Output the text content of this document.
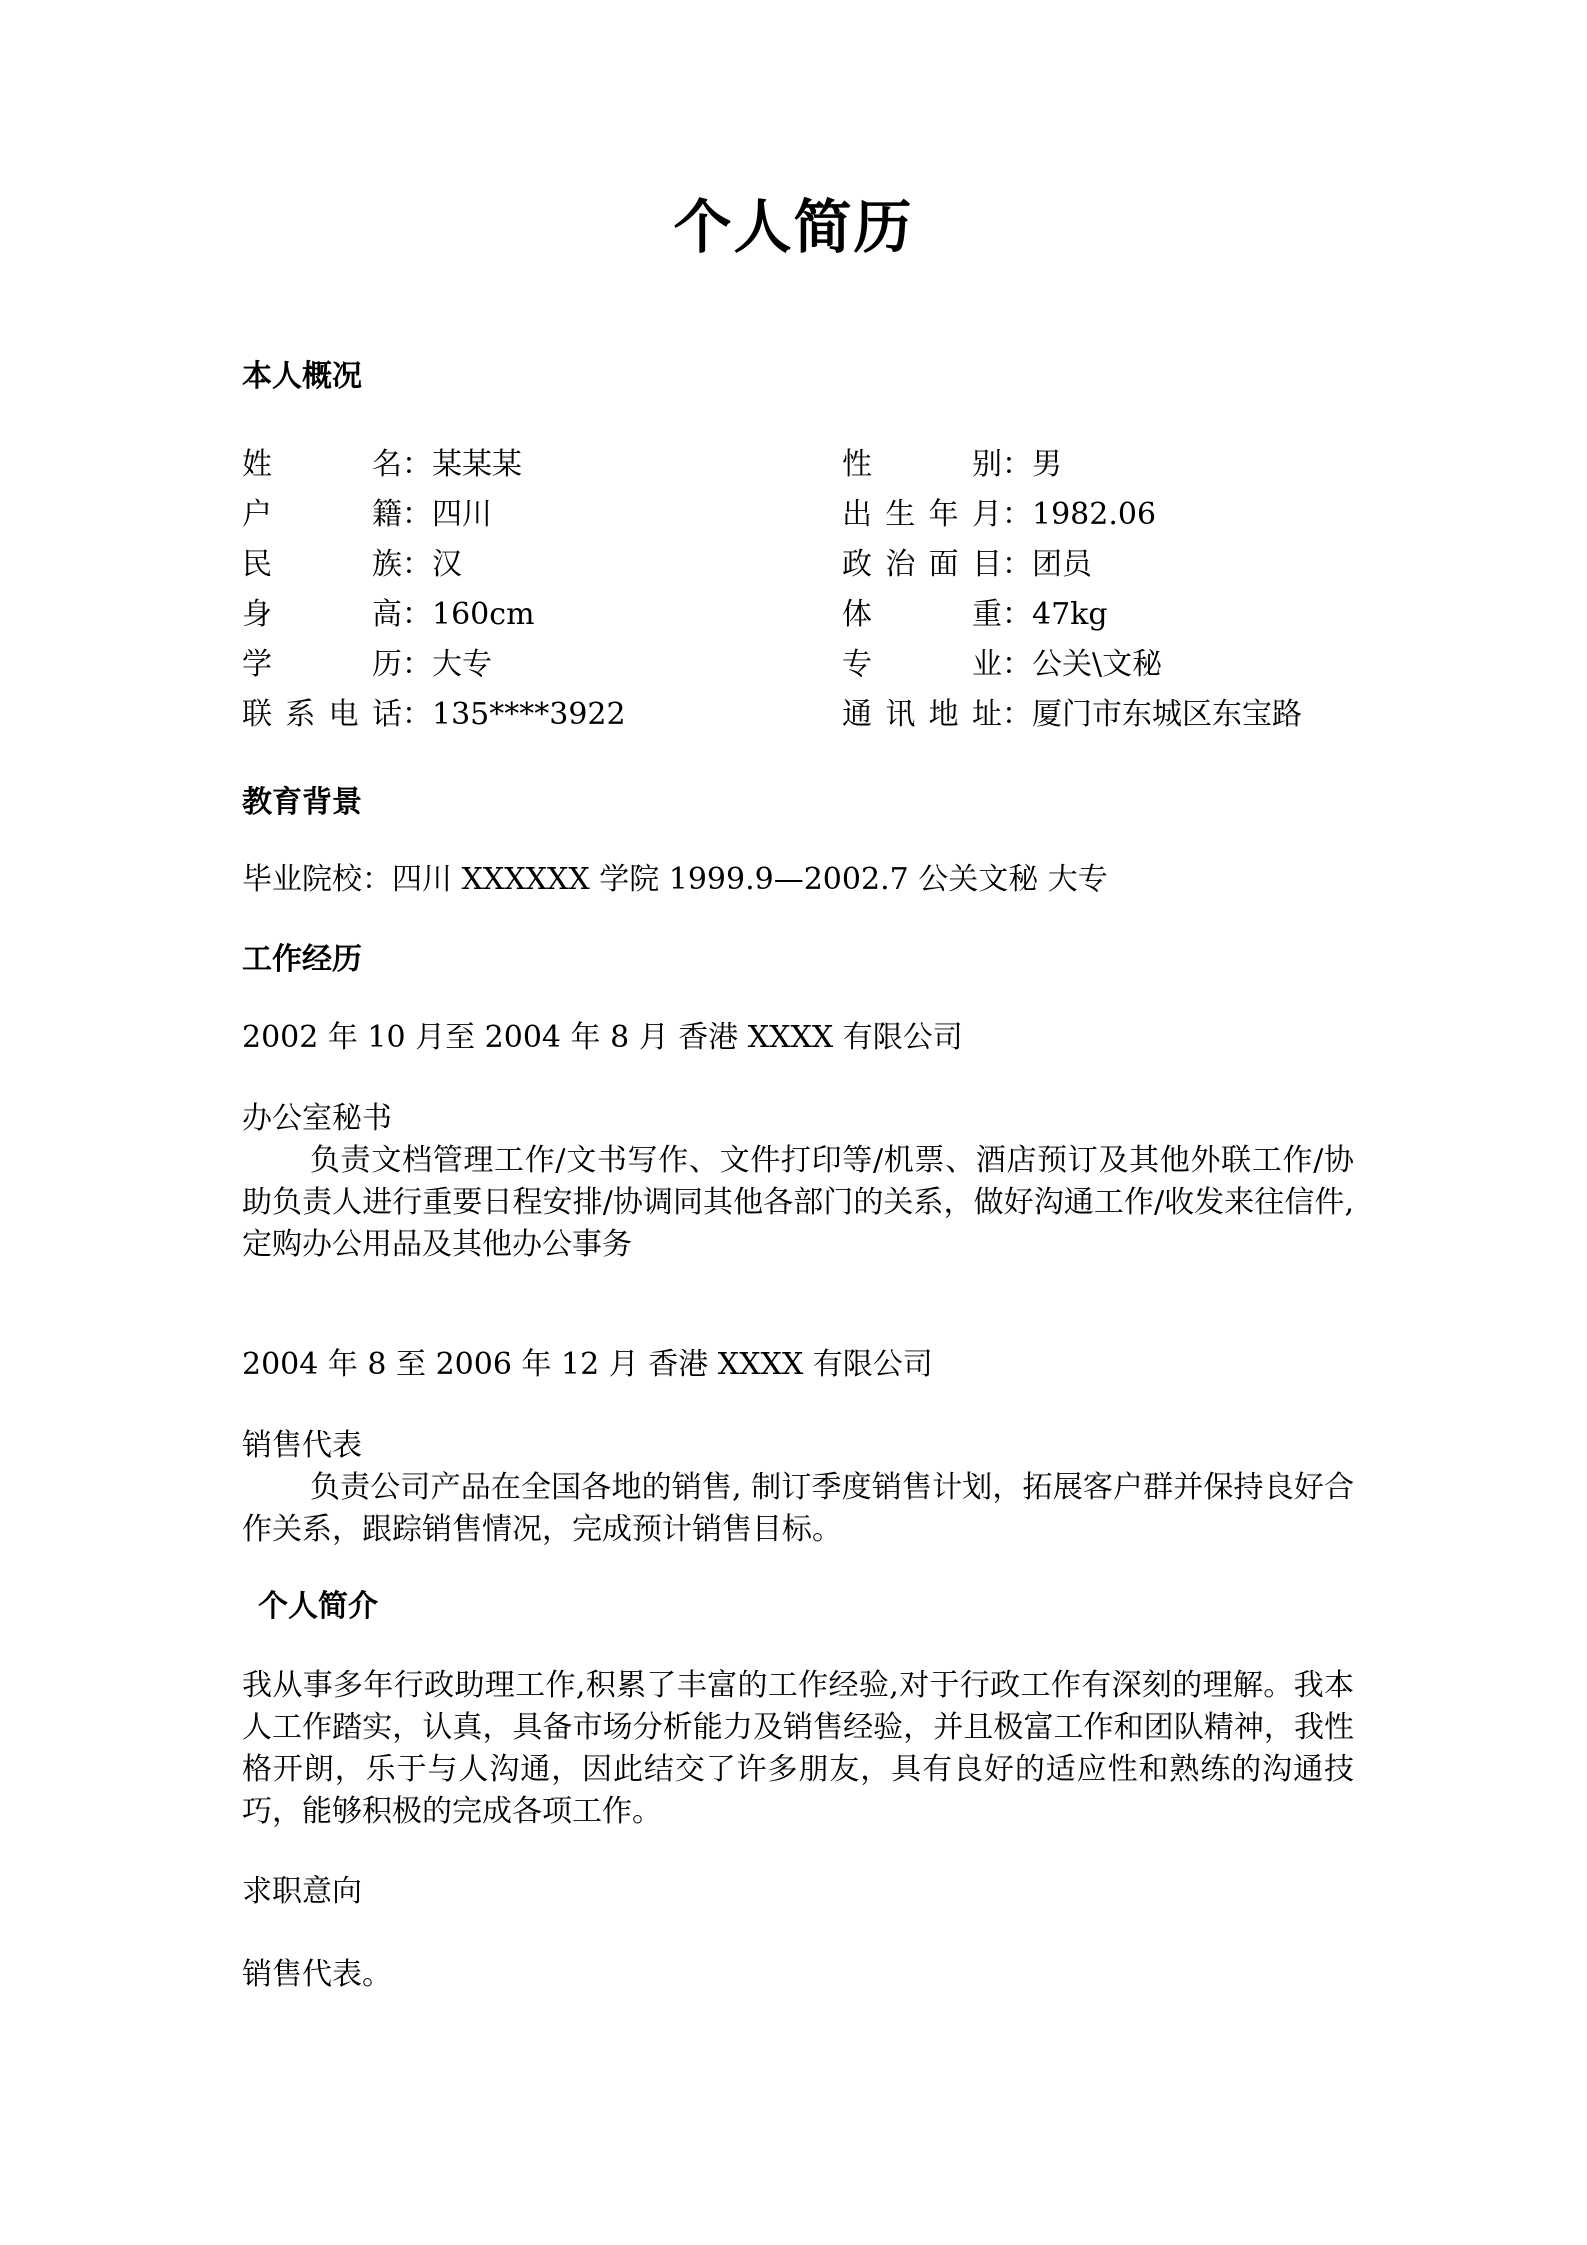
个人简历
本人概况
姓名：某某某
户籍：四川
民族：汉
身高：160cm
学历：大专
联系电话：135****3922
性别：男
出生年月：1982.06
政治面目：团员
体重：47kg
专业：公关\文秘
通讯地址：厦门市东城区东宝路
教育背景
毕业院校：四川 XXXXXX 学院 1999.9—2002.7 公关文秘 大专
工作经历
2002 年 10 月至 2004 年 8 月 香港 XXXX 有限公司
办公室秘书
负责文档管理工作/文书写作、文件打印等/机票、酒店预订及其他外联工作/协助负责人进行重要日程安排/协调同其他各部门的关系，做好沟通工作/收发来往信件,定购办公用品及其他办公事务
2004 年 8 至 2006 年 12 月 香港 XXXX 有限公司
销售代表
负责公司产品在全国各地的销售, 制订季度销售计划，拓展客户群并保持良好合作关系，跟踪销售情况，完成预计销售目标。
个人简介
我从事多年行政助理工作,积累了丰富的工作经验,对于行政工作有深刻的理解。我本人工作踏实，认真，具备市场分析能力及销售经验，并且极富工作和团队精神，我性格开朗，乐于与人沟通，因此结交了许多朋友，具有良好的适应性和熟练的沟通技巧，能够积极的完成各项工作。
求职意向
销售代表。
